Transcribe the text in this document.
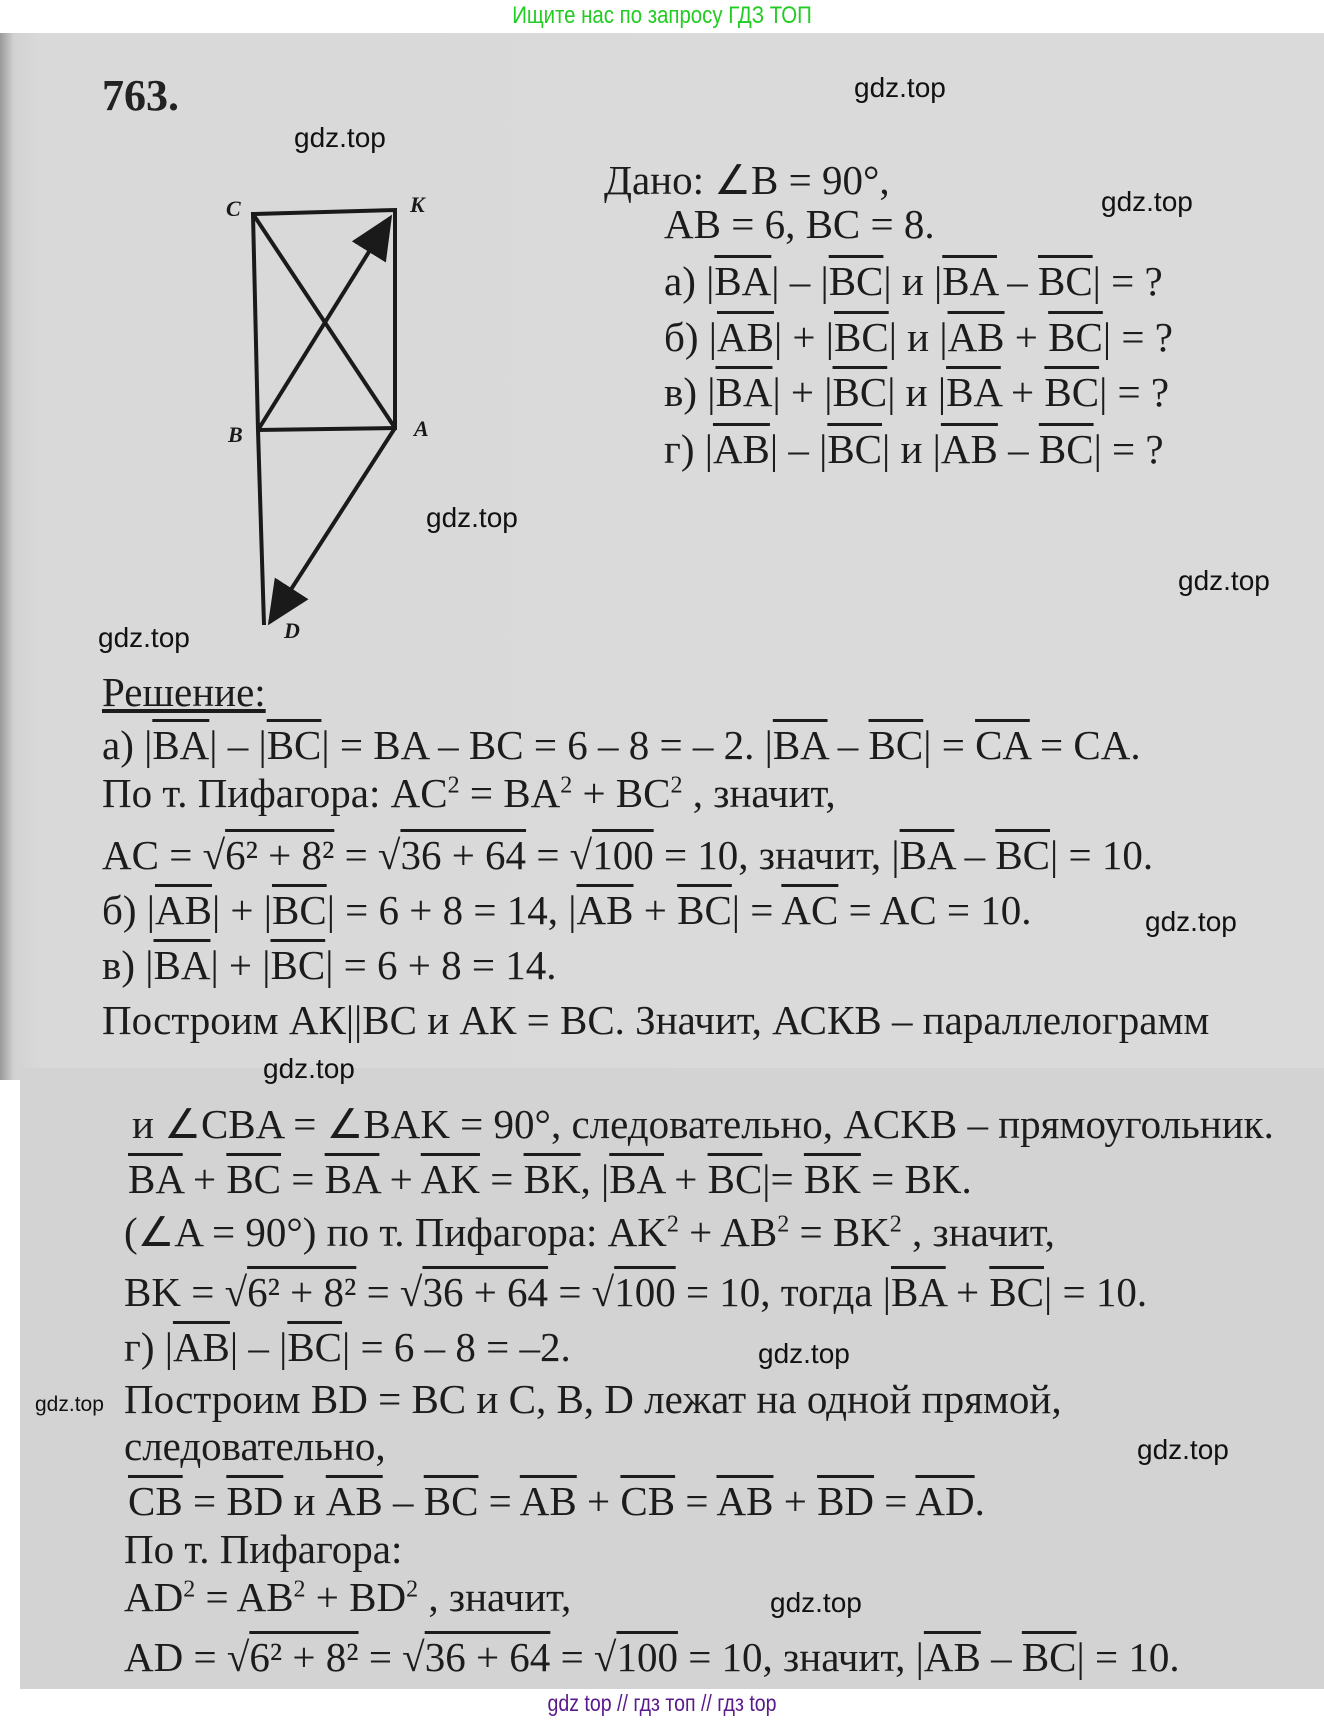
Ищите нас по запросу ГДЗ ТОП
763.
C	K
B	A
D
Дано: ∠B = 90°,
AB = 6, BC = 8.
а) $|\overline{BA}| - |\overline{BC}|$ и $|\overline{BA} - \overline{BC}|$ = ?
б) $|\overline{AB}| + |\overline{BC}|$ и $|\overline{AB} + \overline{BC}|$ = ?
в) $|\overline{BA}| + |\overline{BC}|$ и $|\overline{BA} + \overline{BC}|$ = ?
г) $|\overline{AB}| - |\overline{BC}|$ и $|\overline{AB} - \overline{BC}|$ = ?
Решение:
а) $|\overline{BA}| - |\overline{BC}|$ = BA – BC = 6 – 8 = – 2. $|\overline{BA} - \overline{BC}| = \overline{CA}$ = CA.
По т. Пифагора: $AC^2 = BA^2 + BC^2$ , значит,
AC = √6² + 8² = √36 + 64 = √100 = 10, значит, $|\overline{BA} - \overline{BC}| = 10$.
б) $|\overline{AB}| + |\overline{BC}| = 6 + 8 = 14$, $|\overline{AB} + \overline{BC}| = \overline{AC}$ = AC = 10.
в) $|\overline{BA}| + |\overline{BC}| = 6 + 8 = 14$.
Построим АК||ВС и АК = ВС. Значит, АСКВ – параллелограмм
и ∠CBA = ∠BAK = 90°, следовательно, ACKB – прямоугольник.
$\overline{BA} + \overline{BC} = \overline{BA} + \overline{AK} = \overline{BK}$, $|\overline{BA} + \overline{BC}|= \overline{BK}$ = BK.
(∠A = 90°) по т. Пифагора: $AK^2 + AB^2 = BK^2$ , значит,
BK = √6² + 8² = √36 + 64 = √100 = 10, тогда $|\overline{BA} + \overline{BC}| = 10$.
г) $|\overline{AB}| - |\overline{BC}| = 6 - 8 = -2$.
Построим BD = BC и C, B, D лежат на одной прямой,
следовательно,
$\overline{CB} = \overline{BD}$ и $\overline{AB} - \overline{BC} = \overline{AB} + \overline{CB} = \overline{AB} + \overline{BD} = \overline{AD}$.
По т. Пифагора:
$AD^2 = AB^2 + BD^2$ , значит,
AD = √6² + 8² = √36 + 64 = √100 = 10, значит, $|\overline{AB} - \overline{BC}| = 10$.
gdz.top
gdz.top
gdz.top
gdz.top
gdz.top
gdz.top
gdz.top
gdz.top
gdz.top
gdz.top
gdz.top
gdz.top
gdz top // гдз топ // гдз top
